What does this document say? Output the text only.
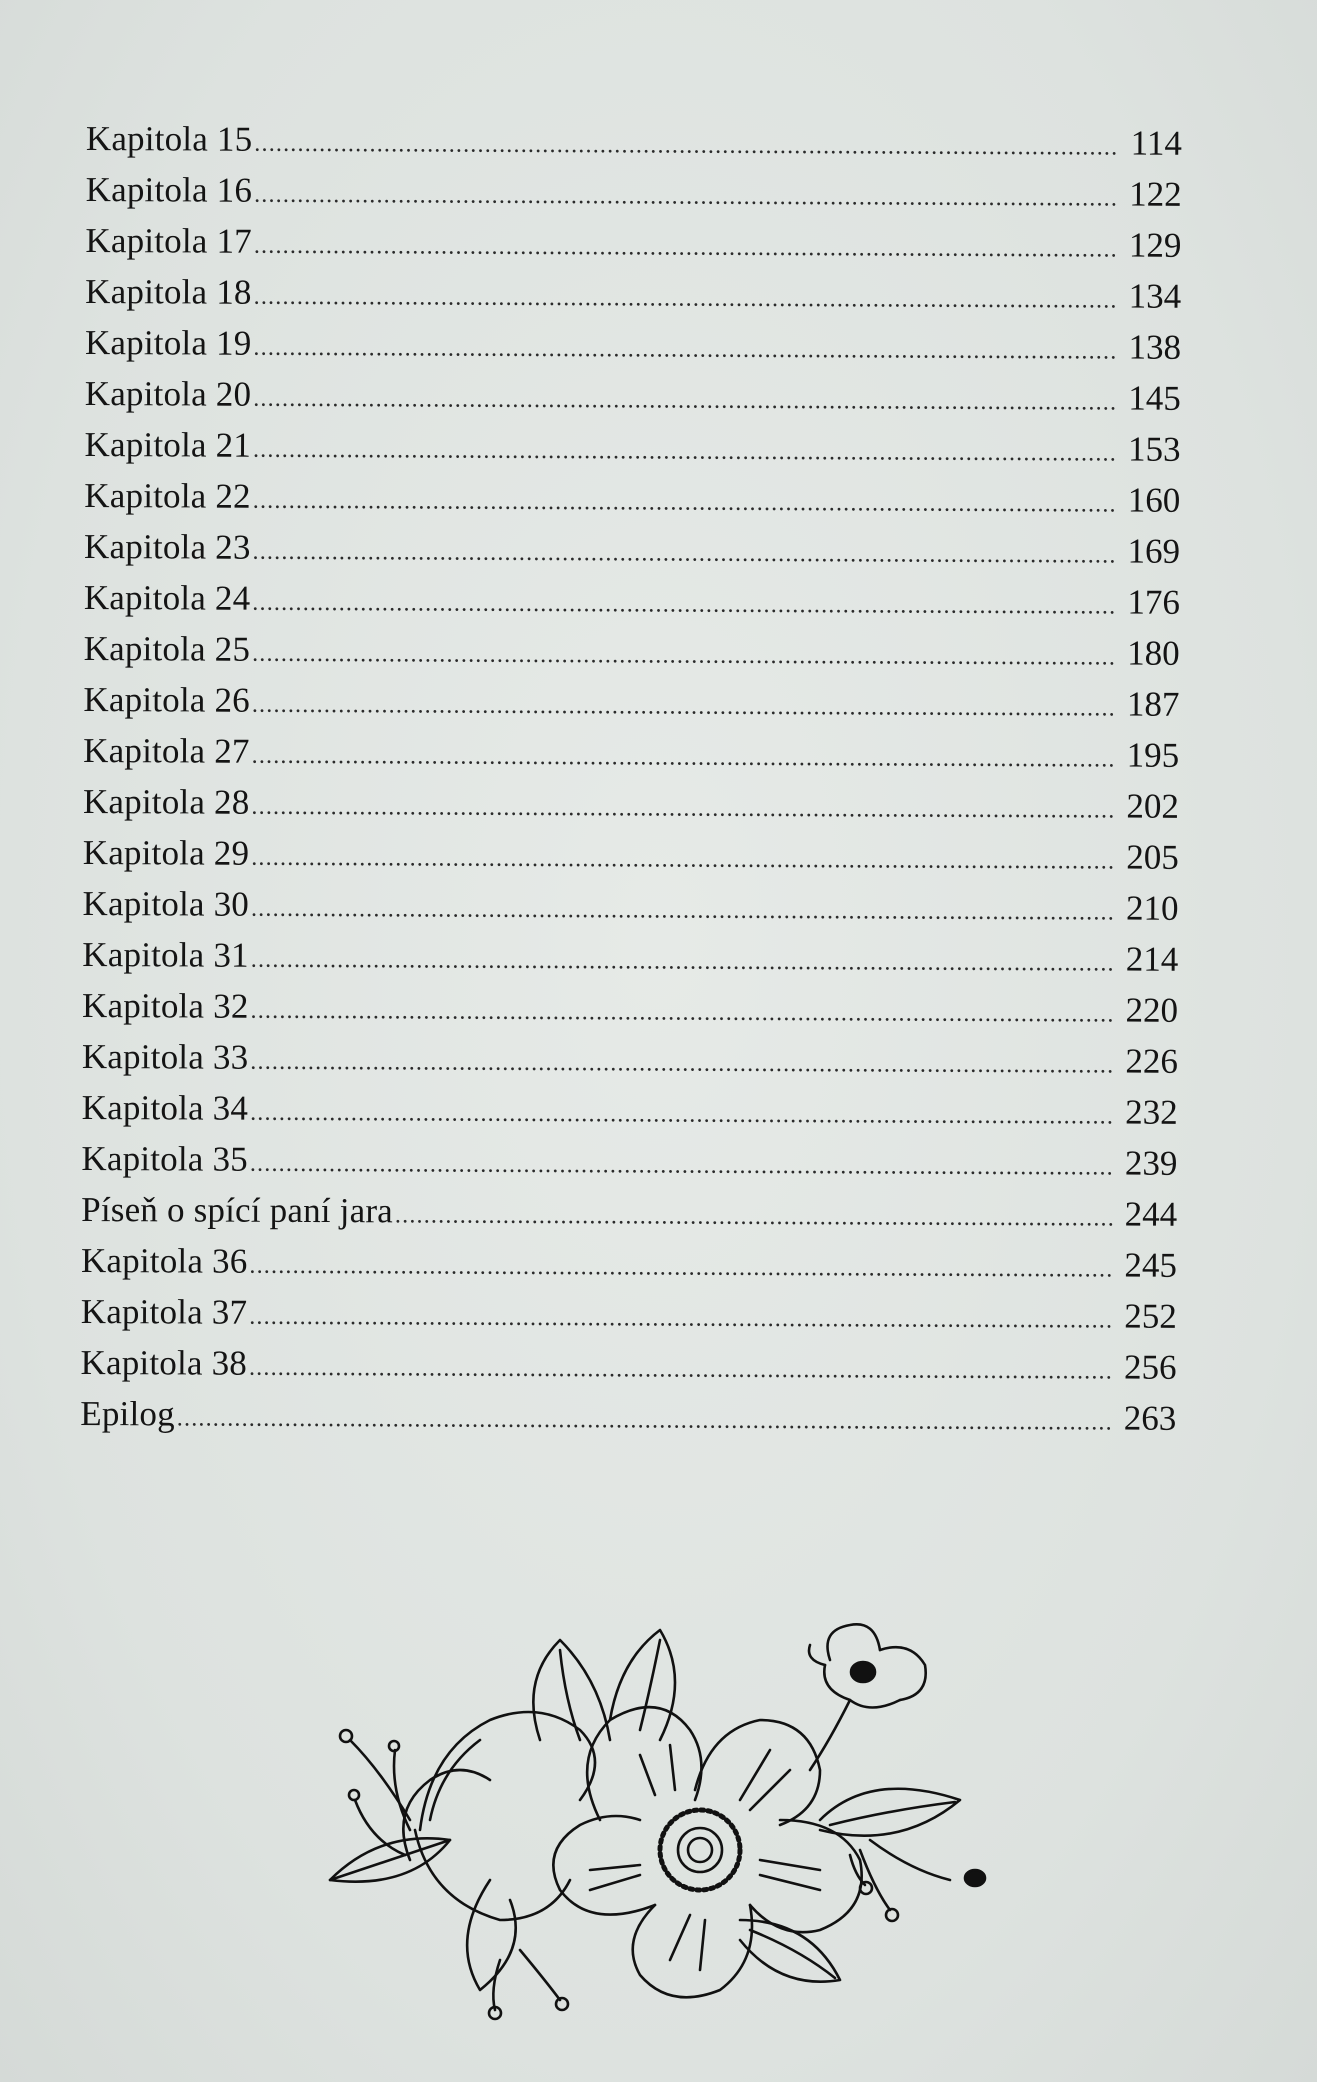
Kapitola 15 .....	114
Kapitola 16 .....	122
Kapitola 17 .....	129
Kapitola 18 .....	134
Kapitola 19 .....	138
Kapitola 20 .....	145
Kapitola 21 .....	153
Kapitola 22 .....	160
Kapitola 23 .....	169
Kapitola 24 .....	176
Kapitola 25 .....	180
Kapitola 26 .....	187
Kapitola 27 .....	195
Kapitola 28 .....	202
Kapitola 29 .....	205
Kapitola 30 .....	210
Kapitola 31 .....	214
Kapitola 32 .....	220
Kapitola 33 .....	226
Kapitola 34 .....	232
Kapitola 35 .....	239
Píseň o spící paní jara .....	244
Kapitola 36 .....	245
Kapitola 37 .....	252
Kapitola 38 .....	256
Epilog .....	263
